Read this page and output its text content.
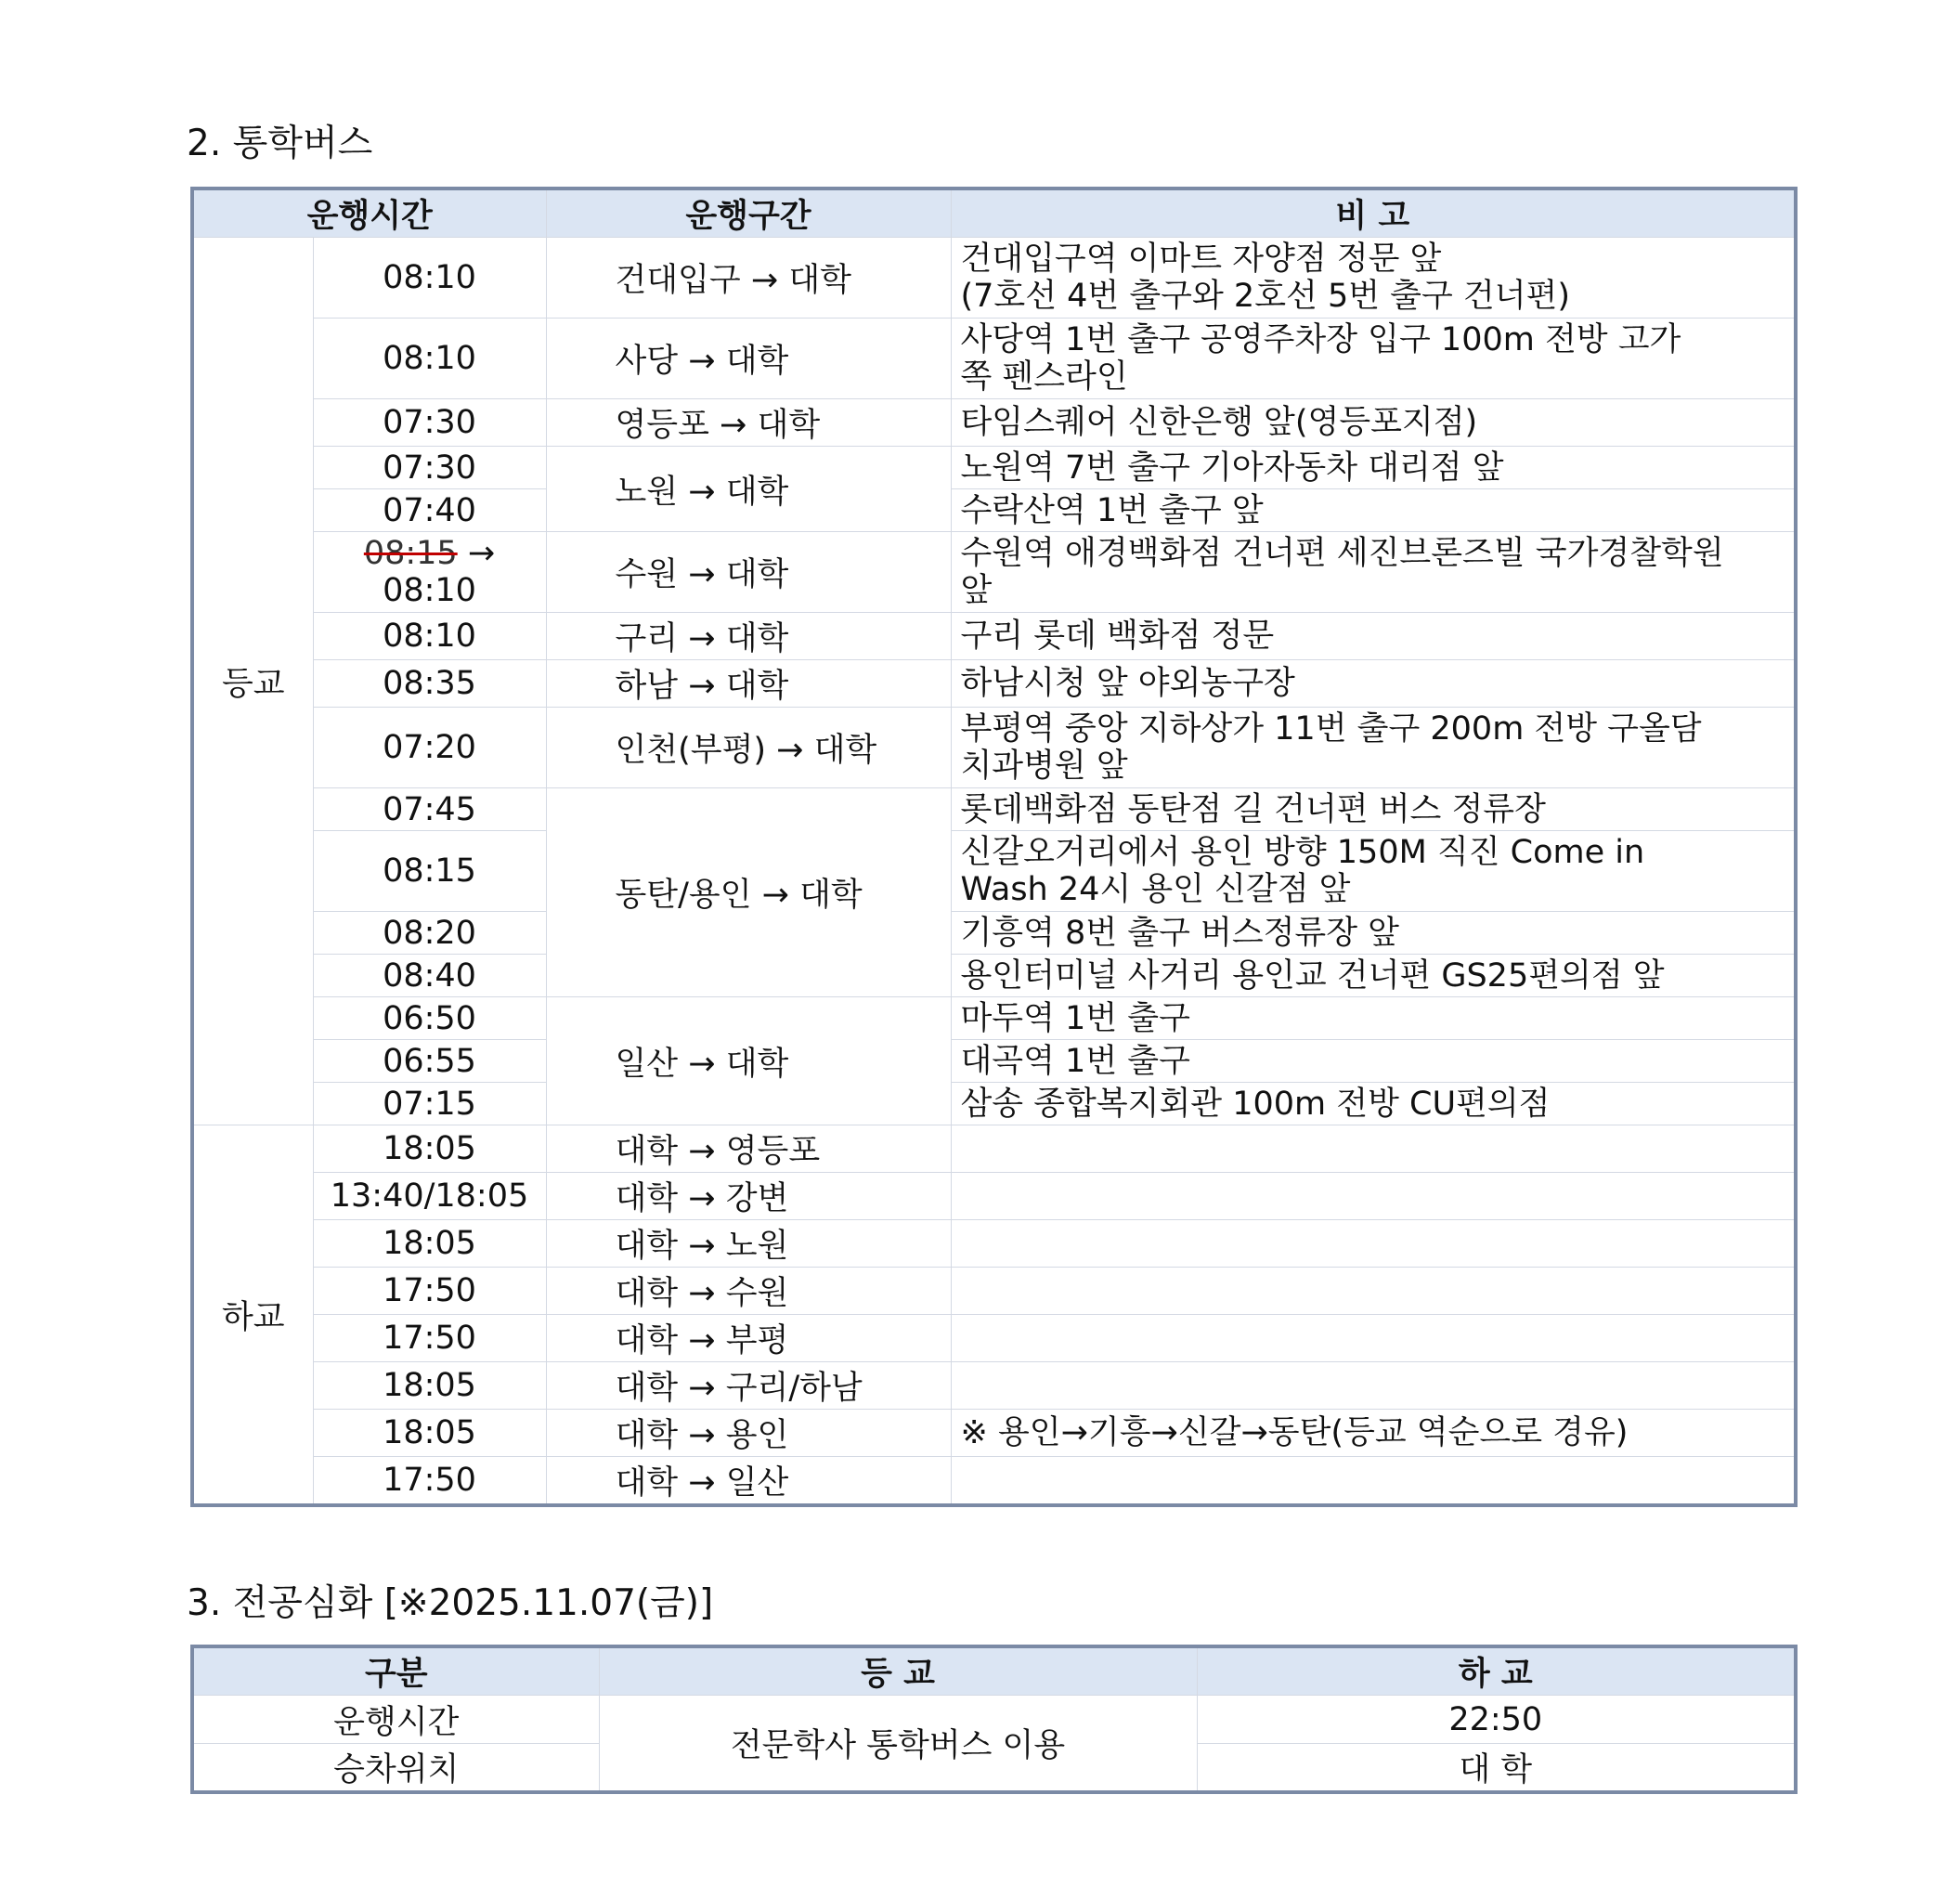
2. 통학버스
운행시간		운행구간	비 고
등교	08:10	건대입구 → 대학	건대입구역 이마트 자양점 정문 앞
(7호선 4번 출구와 2호선 5번 출구 건너편)
	08:10	사당 → 대학	사당역 1번 출구 공영주차장 입구 100m 전방 고가
쪽 펜스라인
	07:30	영등포 → 대학	타임스퀘어 신한은행 앞(영등포지점)
	07:30	노원 → 대학	노원역 7번 출구 기아자동차 대리점 앞
	07:40		수락산역 1번 출구 앞
	08:15 → 08:10	수원 → 대학	수원역 애경백화점 건너편 세진브론즈빌 국가경찰학원
앞
	08:10	구리 → 대학	구리 롯데 백화점 정문
	08:35	하남 → 대학	하남시청 앞 야외농구장
	07:20	인천(부평) → 대학	부평역 중앙 지하상가 11번 출구 200m 전방 구올담
치과병원 앞
	07:45	동탄/용인 → 대학	롯데백화점 동탄점 길 건너편 버스 정류장
	08:15		신갈오거리에서 용인 방향 150M 직진 Come in
Wash 24시 용인 신갈점 앞
	08:20		기흥역 8번 출구 버스정류장 앞
	08:40		용인터미널 사거리 용인교 건너편 GS25편의점 앞
	06:50	일산 → 대학	마두역 1번 출구
	06:55		대곡역 1번 출구
	07:15		삼송 종합복지회관 100m 전방 CU편의점
하교	18:05	대학 → 영등포	
	13:40/18:05	대학 → 강변	
	18:05	대학 → 노원	
	17:50	대학 → 수원	
	17:50	대학 → 부평	
	18:05	대학 → 구리/하남	
	18:05	대학 → 용인	※ 용인→기흥→신갈→동탄(등교 역순으로 경유)
	17:50	대학 → 일산	
3. 전공심화 [※2025.11.07(금)]
구분	등 교	하 교
운행시간	전문학사 통학버스 이용	22:50
승차위치		대 학
